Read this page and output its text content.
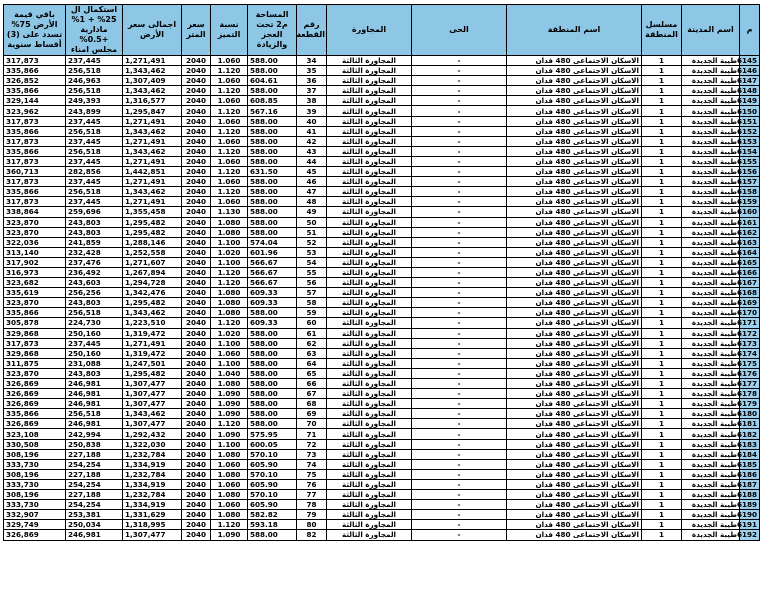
م	اسم المدينة	مسلسل المنطقة	اسم المنطقة	الحى	المجاورة	رقم القطعة	المساحة م2 تحت العجز والزيادة	نسبة التميز	سعر المتر	اجمالى سعر الأرض	استكمال ال 25% + 1% مادارية +0.5% مجلس امناء	باقي قيمة الأرض 75% تسدد على (3) أقساط سنوية
6145	طيبة الجديدة	1	الاسكان الاجتماعى 480 فدان	-	المجاورة الثالثة	34	588.00	1.060	2040	1,271,491	237,445	317,873
6146	طيبة الجديدة	1	الاسكان الاجتماعى 480 فدان	-	المجاورة الثالثة	35	588.00	1.120	2040	1,343,462	256,518	335,866
6147	طيبة الجديدة	1	الاسكان الاجتماعى 480 فدان	-	المجاورة الثالثة	36	604.61	1.060	2040	1,307,409	246,963	326,852
6148	طيبة الجديدة	1	الاسكان الاجتماعى 480 فدان	-	المجاورة الثالثة	37	588.00	1.120	2040	1,343,462	256,518	335,866
6149	طيبة الجديدة	1	الاسكان الاجتماعى 480 فدان	-	المجاورة الثالثة	38	608.85	1.060	2040	1,316,577	249,393	329,144
6150	طيبة الجديدة	1	الاسكان الاجتماعى 480 فدان	-	المجاورة الثالثة	39	567.16	1.120	2040	1,295,847	243,899	323,962
6151	طيبة الجديدة	1	الاسكان الاجتماعى 480 فدان	-	المجاورة الثالثة	40	588.00	1.060	2040	1,271,491	237,445	317,873
6152	طيبة الجديدة	1	الاسكان الاجتماعى 480 فدان	-	المجاورة الثالثة	41	588.00	1.120	2040	1,343,462	256,518	335,866
6153	طيبة الجديدة	1	الاسكان الاجتماعى 480 فدان	-	المجاورة الثالثة	42	588.00	1.060	2040	1,271,491	237,445	317,873
6154	طيبة الجديدة	1	الاسكان الاجتماعى 480 فدان	-	المجاورة الثالثة	43	588.00	1.120	2040	1,343,462	256,518	335,866
6155	طيبة الجديدة	1	الاسكان الاجتماعى 480 فدان	-	المجاورة الثالثة	44	588.00	1.060	2040	1,271,491	237,445	317,873
6156	طيبة الجديدة	1	الاسكان الاجتماعى 480 فدان	-	المجاورة الثالثة	45	631.50	1.120	2040	1,442,851	282,856	360,713
6157	طيبة الجديدة	1	الاسكان الاجتماعى 480 فدان	-	المجاورة الثالثة	46	588.00	1.060	2040	1,271,491	237,445	317,873
6158	طيبة الجديدة	1	الاسكان الاجتماعى 480 فدان	-	المجاورة الثالثة	47	588.00	1.120	2040	1,343,462	256,518	335,866
6159	طيبة الجديدة	1	الاسكان الاجتماعى 480 فدان	-	المجاورة الثالثة	48	588.00	1.060	2040	1,271,491	237,445	317,873
6160	طيبة الجديدة	1	الاسكان الاجتماعى 480 فدان	-	المجاورة الثالثة	49	588.00	1.130	2040	1,355,458	259,696	338,864
6161	طيبة الجديدة	1	الاسكان الاجتماعى 480 فدان	-	المجاورة الثالثة	50	588.00	1.080	2040	1,295,482	243,803	323,870
6162	طيبة الجديدة	1	الاسكان الاجتماعى 480 فدان	-	المجاورة الثالثة	51	588.00	1.080	2040	1,295,482	243,803	323,870
6163	طيبة الجديدة	1	الاسكان الاجتماعى 480 فدان	-	المجاورة الثالثة	52	574.04	1.100	2040	1,288,146	241,859	322,036
6164	طيبة الجديدة	1	الاسكان الاجتماعى 480 فدان	-	المجاورة الثالثة	53	601.96	1.020	2040	1,252,558	232,428	313,140
6165	طيبة الجديدة	1	الاسكان الاجتماعى 480 فدان	-	المجاورة الثالثة	54	566.67	1.100	2040	1,271,607	237,476	317,902
6166	طيبة الجديدة	1	الاسكان الاجتماعى 480 فدان	-	المجاورة الثالثة	55	566.67	1.120	2040	1,267,894	236,492	316,973
6167	طيبة الجديدة	1	الاسكان الاجتماعى 480 فدان	-	المجاورة الثالثة	56	566.67	1.120	2040	1,294,728	243,603	323,682
6168	طيبة الجديدة	1	الاسكان الاجتماعى 480 فدان	-	المجاورة الثالثة	57	609.33	1.080	2040	1,342,476	256,256	335,619
6169	طيبة الجديدة	1	الاسكان الاجتماعى 480 فدان	-	المجاورة الثالثة	58	609.33	1.080	2040	1,295,482	243,803	323,870
6170	طيبة الجديدة	1	الاسكان الاجتماعى 480 فدان	-	المجاورة الثالثة	59	588.00	1.080	2040	1,343,462	256,518	335,866
6171	طيبة الجديدة	1	الاسكان الاجتماعى 480 فدان	-	المجاورة الثالثة	60	609.33	1.120	2040	1,223,510	224,730	305,878
6172	طيبة الجديدة	1	الاسكان الاجتماعى 480 فدان	-	المجاورة الثالثة	61	588.00	1.020	2040	1,319,472	250,160	329,868
6173	طيبة الجديدة	1	الاسكان الاجتماعى 480 فدان	-	المجاورة الثالثة	62	588.00	1.100	2040	1,271,491	237,445	317,873
6174	طيبة الجديدة	1	الاسكان الاجتماعى 480 فدان	-	المجاورة الثالثة	63	588.00	1.060	2040	1,319,472	250,160	329,868
6175	طيبة الجديدة	1	الاسكان الاجتماعى 480 فدان	-	المجاورة الثالثة	64	588.00	1.100	2040	1,247,501	231,088	311,875
6176	طيبة الجديدة	1	الاسكان الاجتماعى 480 فدان	-	المجاورة الثالثة	65	588.00	1.040	2040	1,295,482	243,803	323,870
6177	طيبة الجديدة	1	الاسكان الاجتماعى 480 فدان	-	المجاورة الثالثة	66	588.00	1.080	2040	1,307,477	246,981	326,869
6178	طيبة الجديدة	1	الاسكان الاجتماعى 480 فدان	-	المجاورة الثالثة	67	588.00	1.090	2040	1,307,477	246,981	326,869
6179	طيبة الجديدة	1	الاسكان الاجتماعى 480 فدان	-	المجاورة الثالثة	68	588.00	1.090	2040	1,307,477	246,981	326,869
6180	طيبة الجديدة	1	الاسكان الاجتماعى 480 فدان	-	المجاورة الثالثة	69	588.00	1.090	2040	1,343,462	256,518	335,866
6181	طيبة الجديدة	1	الاسكان الاجتماعى 480 فدان	-	المجاورة الثالثة	70	588.00	1.120	2040	1,307,477	246,981	326,869
6182	طيبة الجديدة	1	الاسكان الاجتماعى 480 فدان	-	المجاورة الثالثة	71	575.95	1.090	2040	1,292,432	242,994	323,108
6183	طيبة الجديدة	1	الاسكان الاجتماعى 480 فدان	-	المجاورة الثالثة	72	600.05	1.100	2040	1,322,030	250,838	330,508
6184	طيبة الجديدة	1	الاسكان الاجتماعى 480 فدان	-	المجاورة الثالثة	73	570.10	1.080	2040	1,232,784	227,188	308,196
6185	طيبة الجديدة	1	الاسكان الاجتماعى 480 فدان	-	المجاورة الثالثة	74	605.90	1.060	2040	1,334,919	254,254	333,730
6186	طيبة الجديدة	1	الاسكان الاجتماعى 480 فدان	-	المجاورة الثالثة	75	570.10	1.080	2040	1,232,784	227,188	308,196
6187	طيبة الجديدة	1	الاسكان الاجتماعى 480 فدان	-	المجاورة الثالثة	76	605.90	1.060	2040	1,334,919	254,254	333,730
6188	طيبة الجديدة	1	الاسكان الاجتماعى 480 فدان	-	المجاورة الثالثة	77	570.10	1.080	2040	1,232,784	227,188	308,196
6189	طيبة الجديدة	1	الاسكان الاجتماعى 480 فدان	-	المجاورة الثالثة	78	605.90	1.060	2040	1,334,919	254,254	333,730
6190	طيبة الجديدة	1	الاسكان الاجتماعى 480 فدان	-	المجاورة الثالثة	79	582.82	1.080	2040	1,331,629	253,381	332,907
6191	طيبة الجديدة	1	الاسكان الاجتماعى 480 فدان	-	المجاورة الثالثة	80	593.18	1.120	2040	1,318,995	250,034	329,749
6192	طيبة الجديدة	1	الاسكان الاجتماعى 480 فدان	-	المجاورة الثالثة	82	588.00	1.090	2040	1,307,477	246,981	326,869
